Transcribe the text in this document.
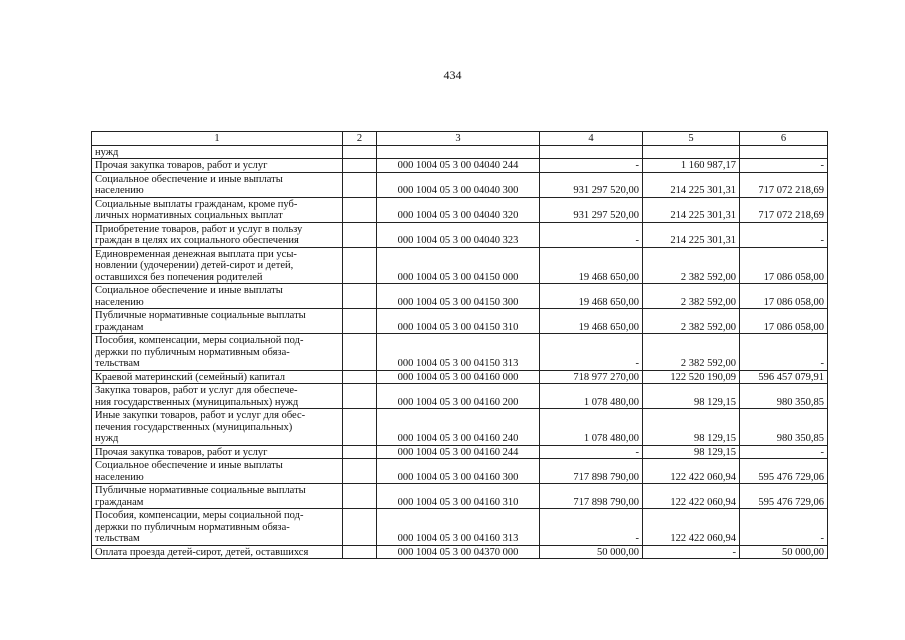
434
1	2	3	4	5	6

нужд					

Прочая закупка товаров, работ и услуг		000 1004 05 3 00 04040 244	-	1 160 987,17	-

Социальное обеспечение и иные выплаты
населению		000 1004 05 3 00 04040 300	931 297 520,00	214 225 301,31	717 072 218,69

Социальные выплаты гражданам, кроме пуб-
личных нормативных социальных выплат		000 1004 05 3 00 04040 320	931 297 520,00	214 225 301,31	717 072 218,69

Приобретение товаров, работ и услуг в пользу
граждан в целях их социального обеспечения		000 1004 05 3 00 04040 323	-	214 225 301,31	-

Единовременная денежная выплата при усы-
новлении (удочерении) детей-сирот и детей,
оставшихся без попечения родителей		000 1004 05 3 00 04150 000	19 468 650,00	2 382 592,00	17 086 058,00

Социальное обеспечение и иные выплаты
населению		000 1004 05 3 00 04150 300	19 468 650,00	2 382 592,00	17 086 058,00

Публичные нормативные социальные выплаты
гражданам		000 1004 05 3 00 04150 310	19 468 650,00	2 382 592,00	17 086 058,00

Пособия, компенсации, меры социальной под-
держки по публичным нормативным обяза-
тельствам		000 1004 05 3 00 04150 313	-	2 382 592,00	-

Краевой материнский (семейный) капитал		000 1004 05 3 00 04160 000	718 977 270,00	122 520 190,09	596 457 079,91

Закупка товаров, работ и услуг для обеспече-
ния государственных (муниципальных) нужд		000 1004 05 3 00 04160 200	1 078 480,00	98 129,15	980 350,85

Иные закупки товаров, работ и услуг для обес-
печения государственных (муниципальных)
нужд		000 1004 05 3 00 04160 240	1 078 480,00	98 129,15	980 350,85

Прочая закупка товаров, работ и услуг		000 1004 05 3 00 04160 244	-	98 129,15	-

Социальное обеспечение и иные выплаты
населению		000 1004 05 3 00 04160 300	717 898 790,00	122 422 060,94	595 476 729,06

Публичные нормативные социальные выплаты
гражданам		000 1004 05 3 00 04160 310	717 898 790,00	122 422 060,94	595 476 729,06

Пособия, компенсации, меры социальной под-
держки по публичным нормативным обяза-
тельствам		000 1004 05 3 00 04160 313	-	122 422 060,94	-

Оплата проезда детей-сирот, детей, оставшихся		000 1004 05 3 00 04370 000	50 000,00	-	50 000,00
